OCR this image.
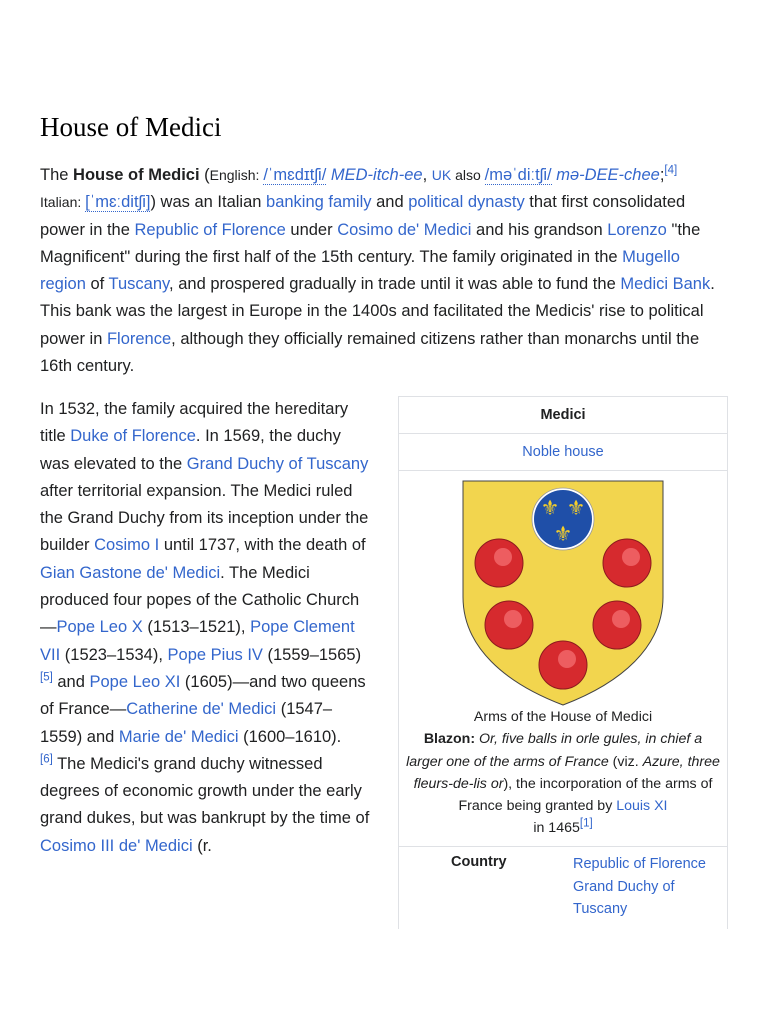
House of Medici
The House of Medici (English: /ˈmɛdɪtʃi/ MED-itch-ee, UK also /məˈdiːtʃi/ mə-DEE-chee;[4]
Italian: [ˈmɛːditʃi]) was an Italian banking family and political dynasty that first consolidated power in the Republic of Florence under Cosimo de' Medici and his grandson Lorenzo "the Magnificent" during the first half of the 15th century. The family originated in the Mugello region of Tuscany, and prospered gradually in trade until it was able to fund the Medici Bank. This bank was the largest in Europe in the 1400s and facilitated the Medicis' rise to political power in Florence, although they officially remained citizens rather than monarchs until the 16th century.
In 1532, the family acquired the hereditary title Duke of Florence. In 1569, the duchy was elevated to the Grand Duchy of Tuscany after territorial expansion. The Medici ruled the Grand Duchy from its inception under the builder Cosimo I until 1737, with the death of Gian Gastone de' Medici. The Medici produced four popes of the Catholic Church—Pope Leo X (1513–1521), Pope Clement VII (1523–1534), Pope Pius IV (1559–1565)[5] and Pope Leo XI (1605)—and two queens of France—Catherine de' Medici (1547–1559) and Marie de' Medici (1600–1610).
[6] The Medici's grand duchy witnessed degrees of economic growth under the early grand dukes, but was bankrupt by the time of Cosimo III de' Medici (r.
Medici
Noble house
⚜ ⚜
⚜
Arms of the House of Medici
Blazon: Or, five balls in orle gules, in chief a larger one of the arms of France (viz. Azure, three fleurs-de-lis or), the incorporation of the arms of France being granted by Louis XI
in 1465[1]
Country	Republic of Florence
Grand Duchy of Tuscany
